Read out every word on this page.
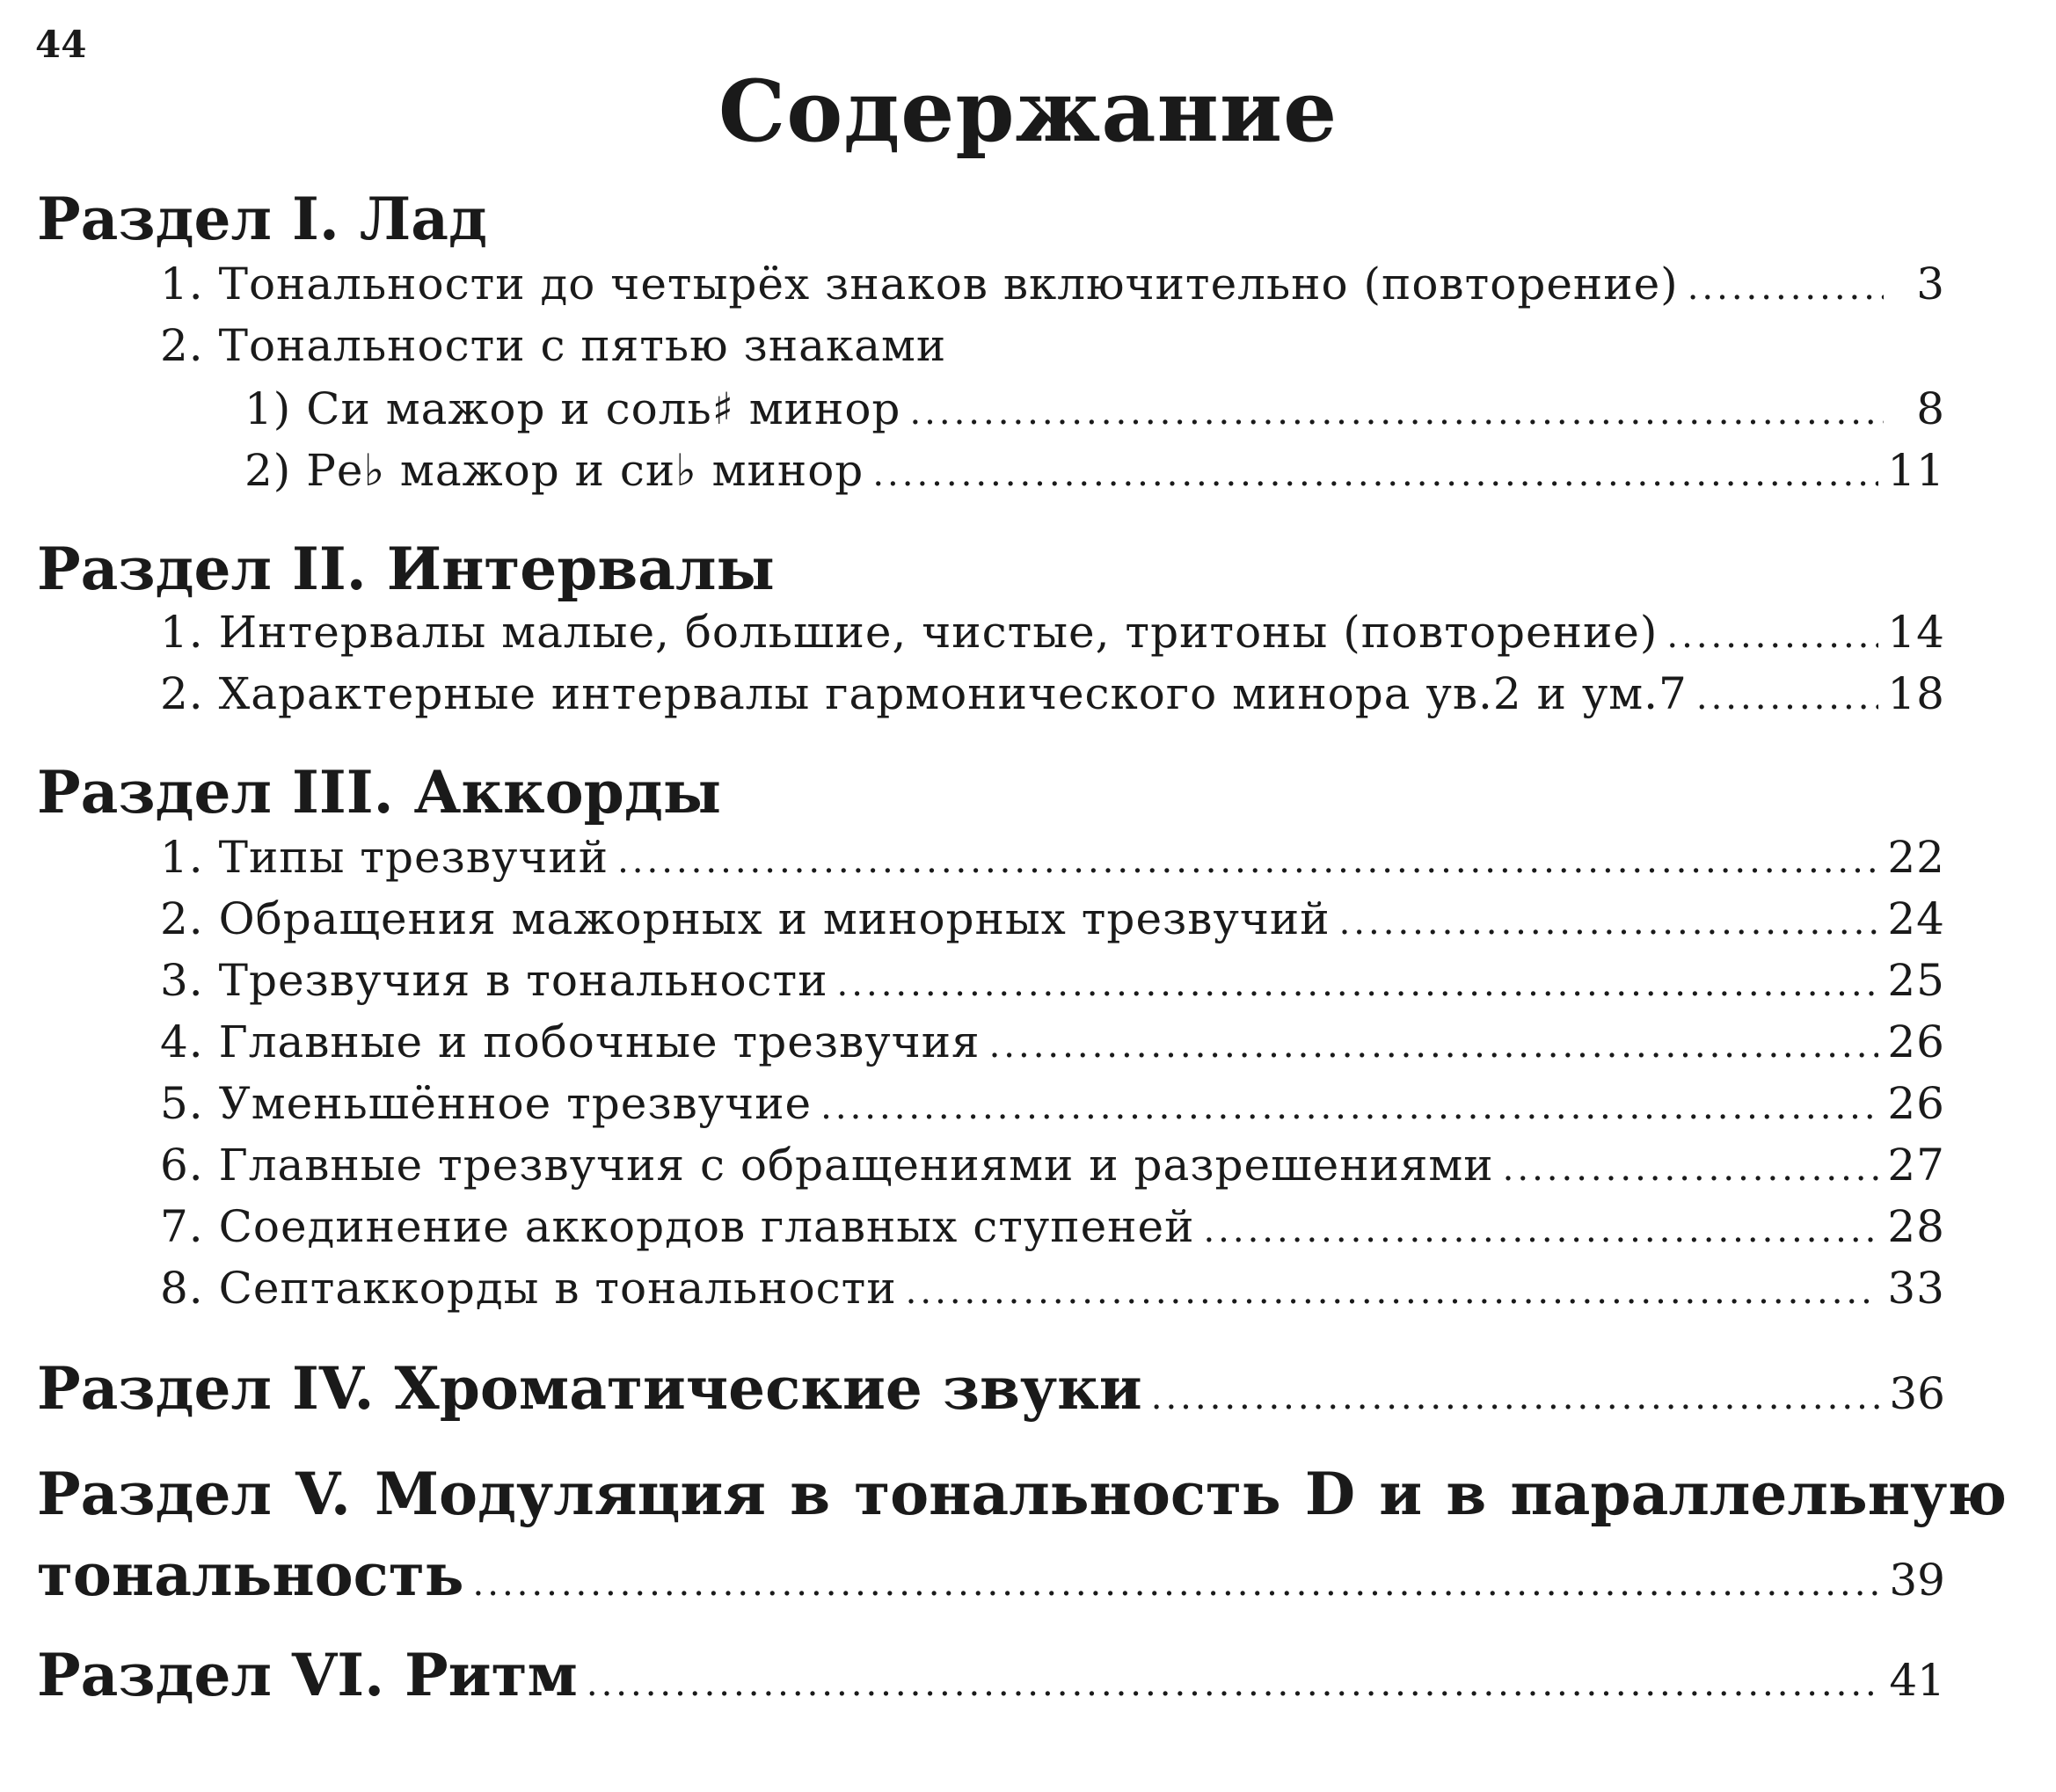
44
Содержание
Раздел I. Лад
1. Тональности до четырёх знаков включительно (повторение) .....	3
2. Тональности с пятью знаками
1) Си мажор и соль♯ минор .....	8
2) Ре♭ мажор и си♭ минор .....	11
Раздел II. Интервалы
1. Интервалы малые, большие, чистые, тритоны (повторение) .....	14
2. Характерные интервалы гармонического минора ув.2 и ум.7 .....	18
Раздел III. Аккорды
1. Типы трезвучий .....	22
2. Обращения мажорных и минорных трезвучий .....	24
3. Трезвучия в тональности .....	25
4. Главные и побочные трезвучия .....	26
5. Уменьшённое трезвучие .....	26
6. Главные трезвучия с обращениями и разрешениями .....	27
7. Соединение аккордов главных ступеней .....	28
8. Септаккорды в тональности .....	33
Раздел IV. Хроматические звуки .....	36
Раздел V. Модуляция в тональность D и в параллельную
тональность .....	39
Раздел VI. Ритм .....	41
